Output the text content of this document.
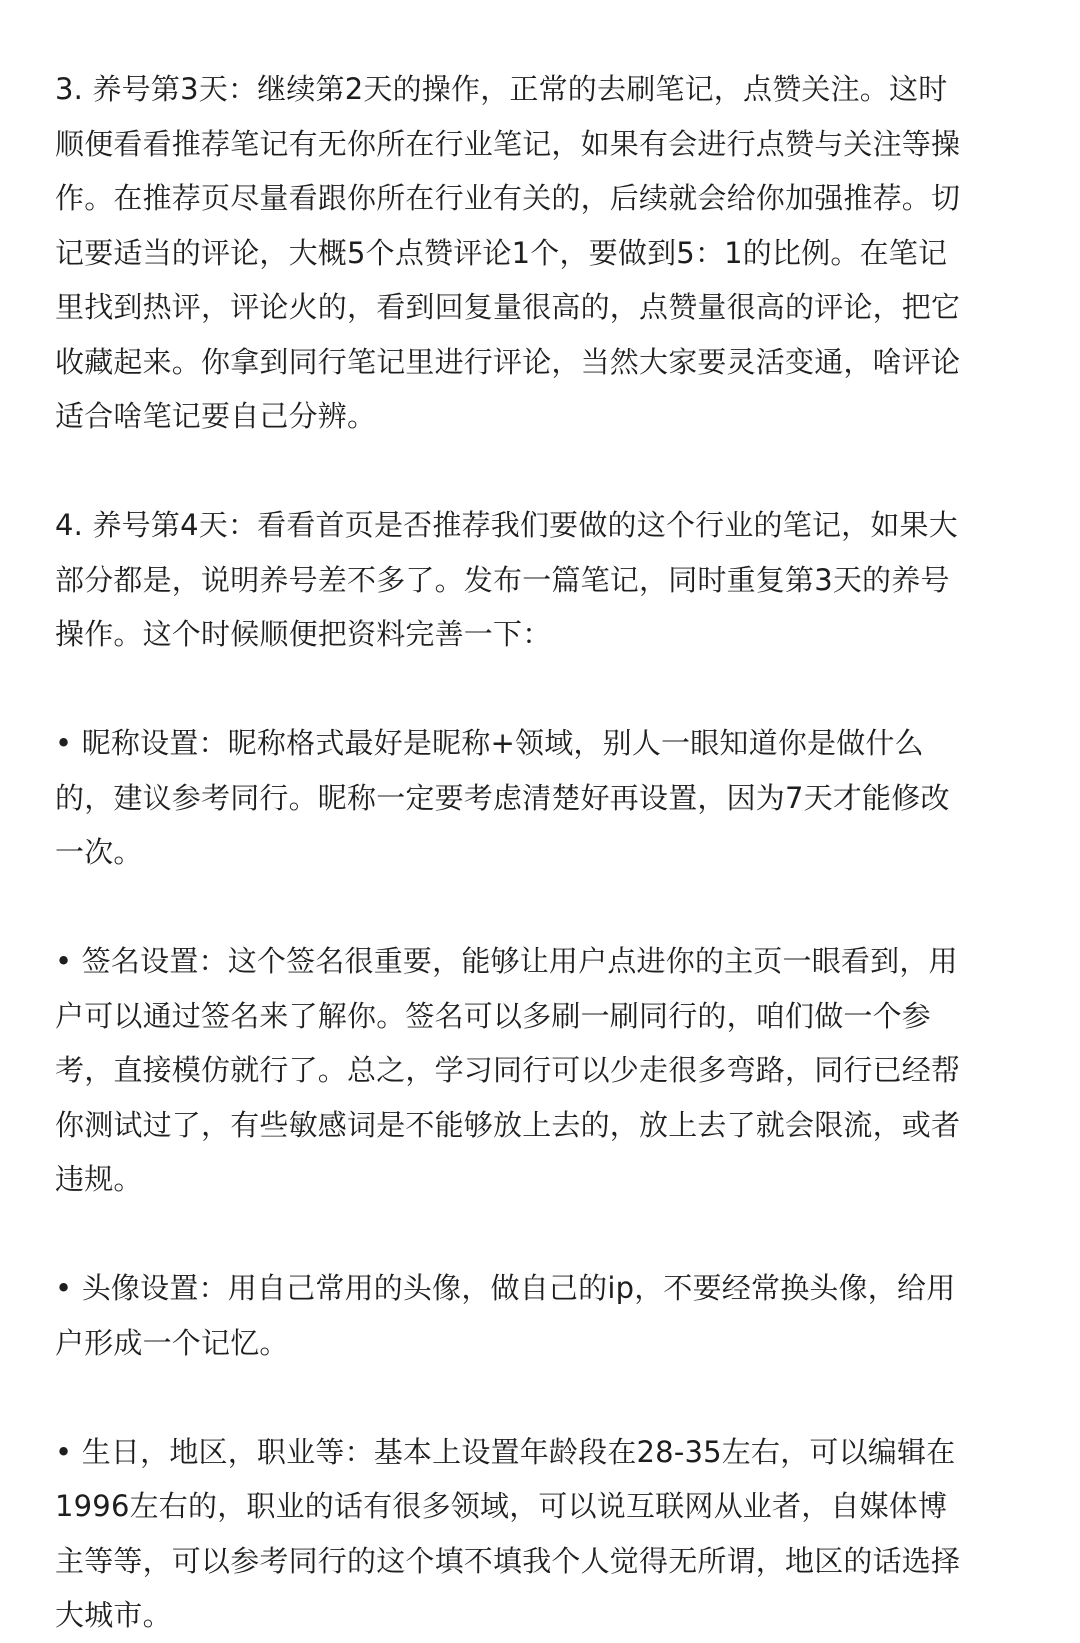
3. 养号第3天：继续第2天的操作，正常的去刷笔记，点赞关注。这时
顺便看看推荐笔记有无你所在行业笔记，如果有会进行点赞与关注等操
作。在推荐页尽量看跟你所在行业有关的，后续就会给你加强推荐。切
记要适当的评论，大概5个点赞评论1个，要做到5：1的比例。在笔记
里找到热评，评论火的，看到回复量很高的，点赞量很高的评论，把它
收藏起来。你拿到同行笔记里进行评论，当然大家要灵活变通，啥评论
适合啥笔记要自己分辨。
4. 养号第4天：看看首页是否推荐我们要做的这个行业的笔记，如果大
部分都是，说明养号差不多了。发布一篇笔记，同时重复第3天的养号
操作。这个时候顺便把资料完善一下：
• 昵称设置：昵称格式最好是昵称+领域，别人一眼知道你是做什么
的，建议参考同行。昵称一定要考虑清楚好再设置，因为7天才能修改
一次。
• 签名设置：这个签名很重要，能够让用户点进你的主页一眼看到，用
户可以通过签名来了解你。签名可以多刷一刷同行的，咱们做一个参
考，直接模仿就行了。总之，学习同行可以少走很多弯路，同行已经帮
你测试过了，有些敏感词是不能够放上去的，放上去了就会限流，或者
违规。
• 头像设置：用自己常用的头像，做自己的ip，不要经常换头像，给用
户形成一个记忆。
• 生日，地区，职业等：基本上设置年龄段在28-35左右，可以编辑在
1996左右的，职业的话有很多领域，可以说互联网从业者，自媒体博
主等等，可以参考同行的这个填不填我个人觉得无所谓，地区的话选择
大城市。
